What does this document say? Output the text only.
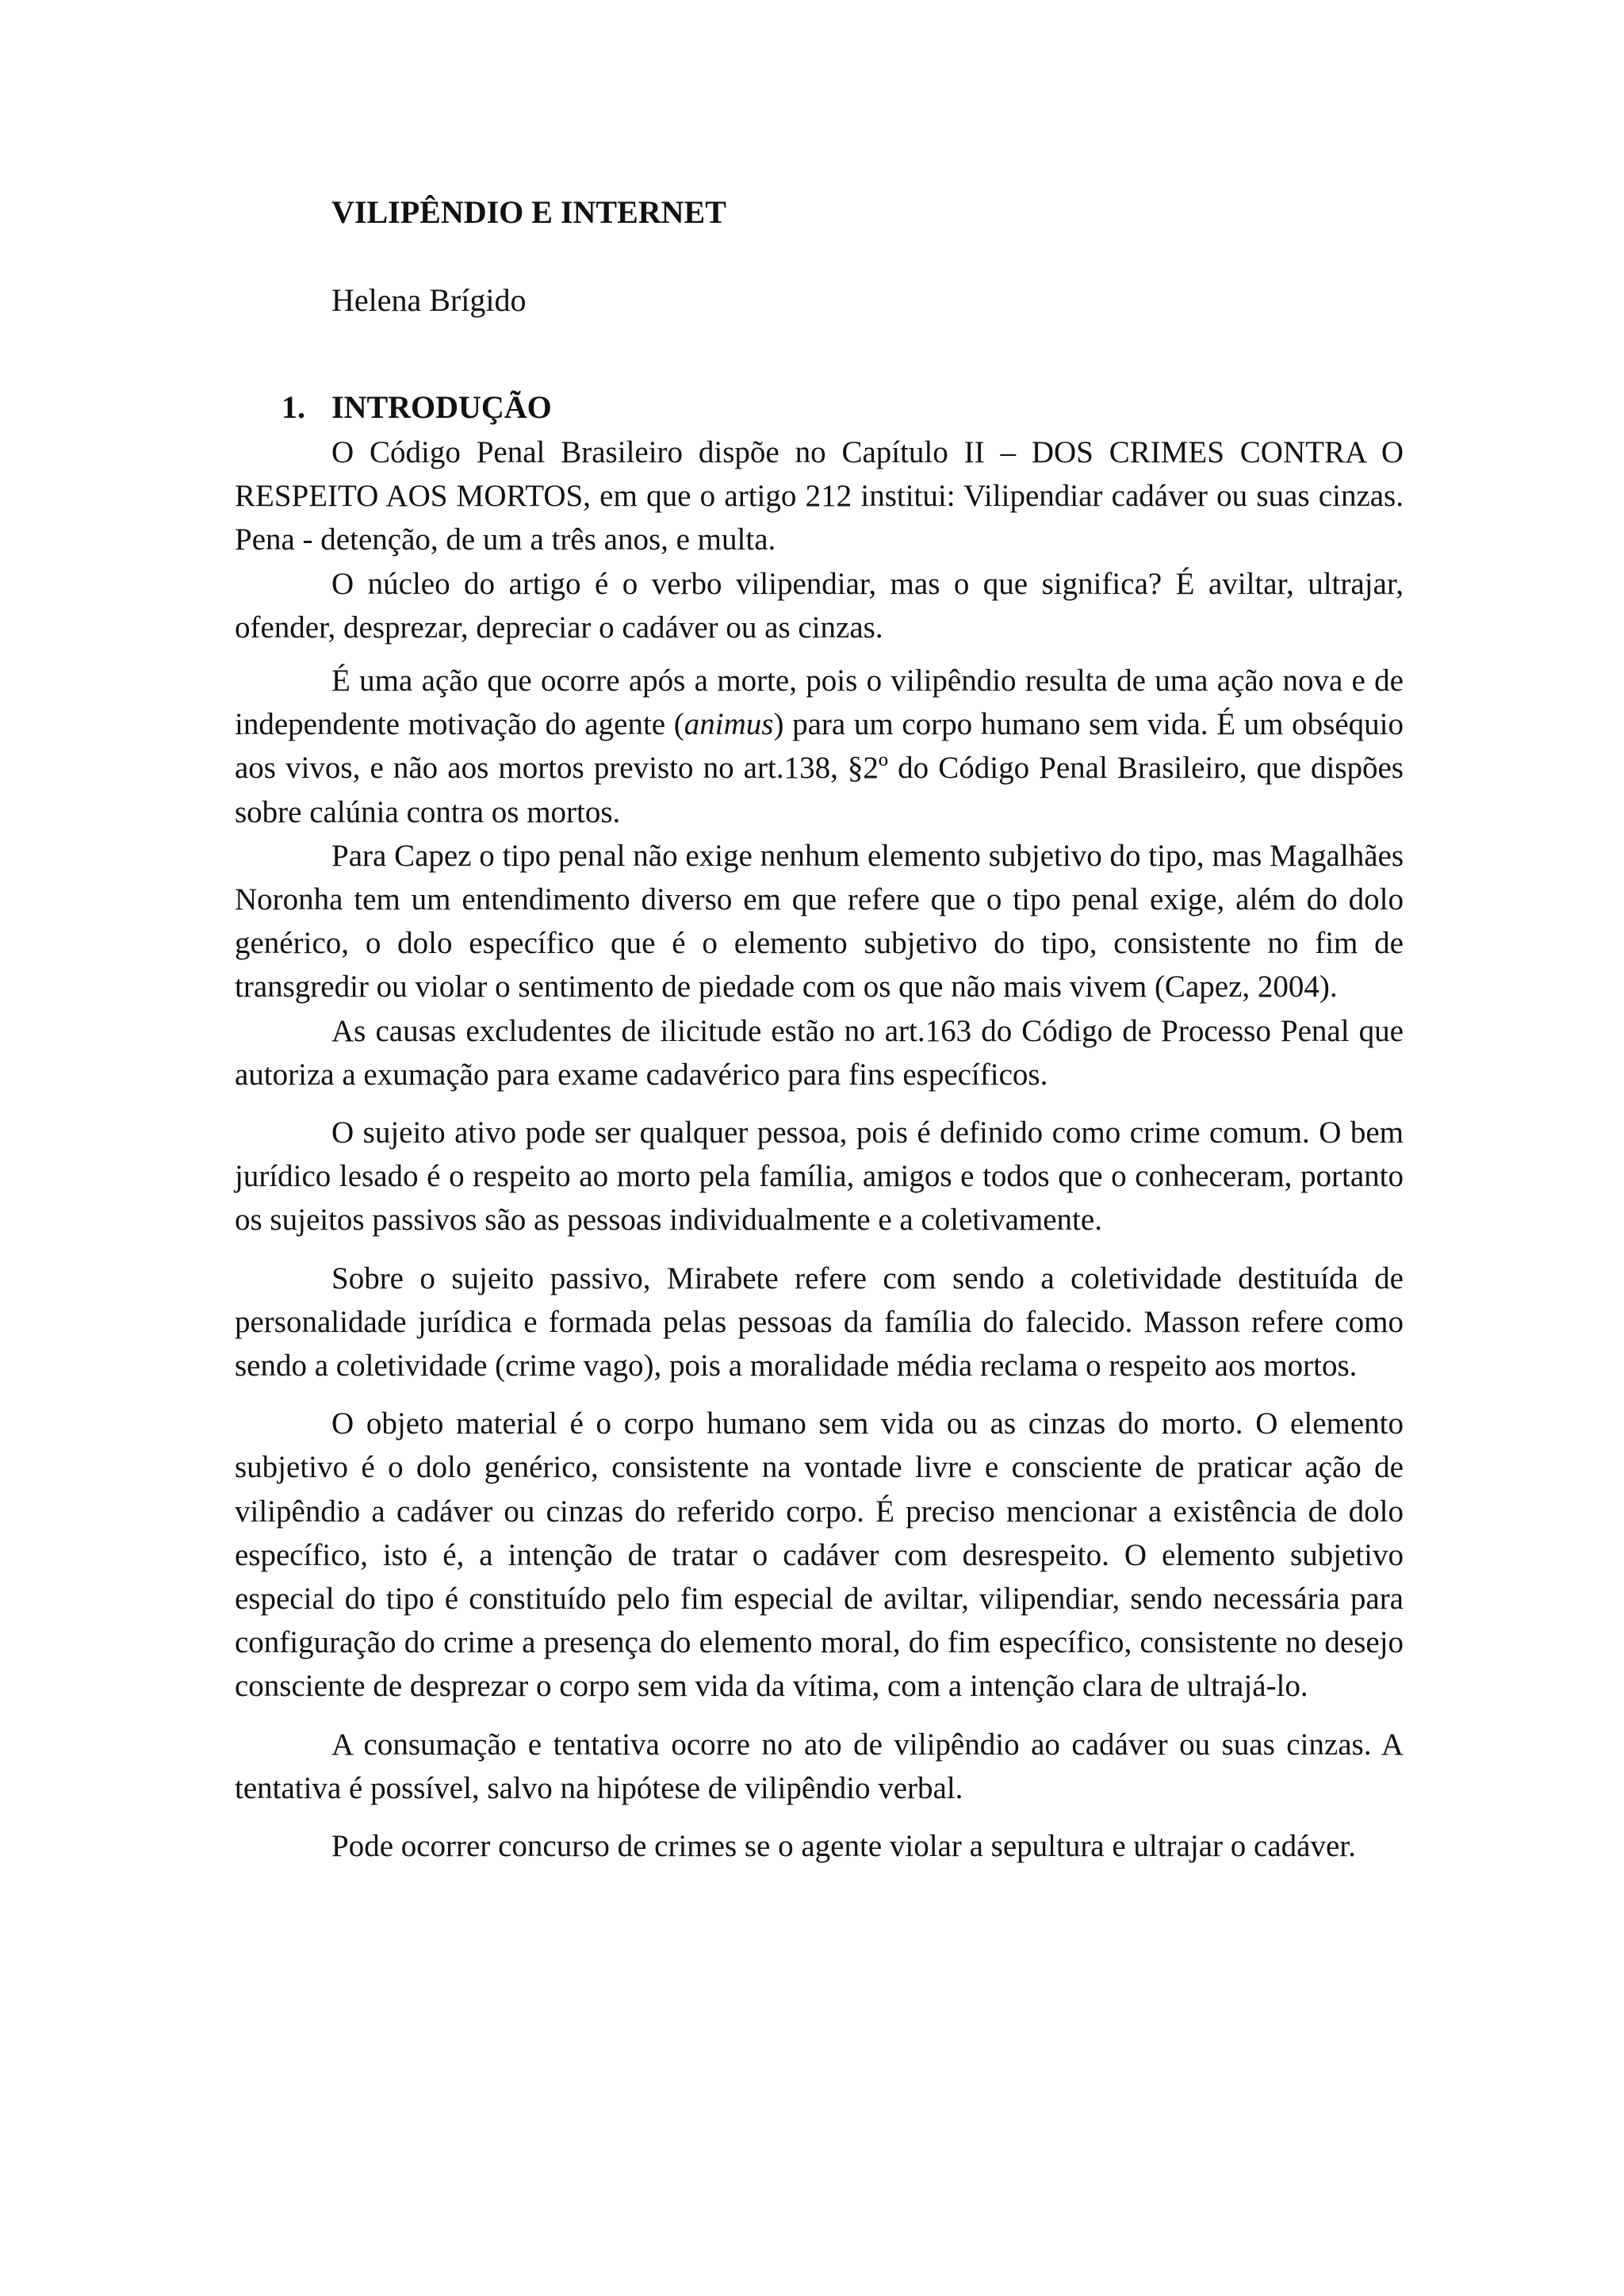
VILIPÊNDIO E INTERNET

Helena Brígido

1. INTRODUÇÃO

O Código Penal Brasileiro dispõe no Capítulo II – DOS CRIMES CONTRA O RESPEITO AOS MORTOS, em que o artigo 212 institui: Vilipendiar cadáver ou suas cinzas. Pena - detenção, de um a três anos, e multa.

O núcleo do artigo é o verbo vilipendiar, mas o que significa? É aviltar, ultrajar, ofender, desprezar, depreciar o cadáver ou as cinzas.

É uma ação que ocorre após a morte, pois o vilipêndio resulta de uma ação nova e de independente motivação do agente (animus) para um corpo humano sem vida. É um obséquio aos vivos, e não aos mortos previsto no art.138, §2º do Código Penal Brasileiro, que dispões sobre calúnia contra os mortos.

Para Capez o tipo penal não exige nenhum elemento subjetivo do tipo, mas Magalhães Noronha tem um entendimento diverso em que refere que o tipo penal exige, além do dolo genérico, o dolo específico que é o elemento subjetivo do tipo, consistente no fim de transgredir ou violar o sentimento de piedade com os que não mais vivem (Capez, 2004).

As causas excludentes de ilicitude estão no art.163 do Código de Processo Penal que autoriza a exumação para exame cadavérico para fins específicos.

O sujeito ativo pode ser qualquer pessoa, pois é definido como crime comum. O bem jurídico lesado é o respeito ao morto pela família, amigos e todos que o conheceram, portanto os sujeitos passivos são as pessoas individualmente e a coletivamente.

Sobre o sujeito passivo, Mirabete refere com sendo a coletividade destituída de personalidade jurídica e formada pelas pessoas da família do falecido. Masson refere como sendo a coletividade (crime vago), pois a moralidade média reclama o respeito aos mortos.

O objeto material é o corpo humano sem vida ou as cinzas do morto. O elemento subjetivo é o dolo genérico, consistente na vontade livre e consciente de praticar ação de vilipêndio a cadáver ou cinzas do referido corpo. É preciso mencionar a existência de dolo específico, isto é, a intenção de tratar o cadáver com desrespeito. O elemento subjetivo especial do tipo é constituído pelo fim especial de aviltar, vilipendiar, sendo necessária para configuração do crime a presença do elemento moral, do fim específico, consistente no desejo consciente de desprezar o corpo sem vida da vítima, com a intenção clara de ultrajá-lo.

A consumação e tentativa ocorre no ato de vilipêndio ao cadáver ou suas cinzas. A tentativa é possível, salvo na hipótese de vilipêndio verbal.

Pode ocorrer concurso de crimes se o agente violar a sepultura e ultrajar o cadáver.
